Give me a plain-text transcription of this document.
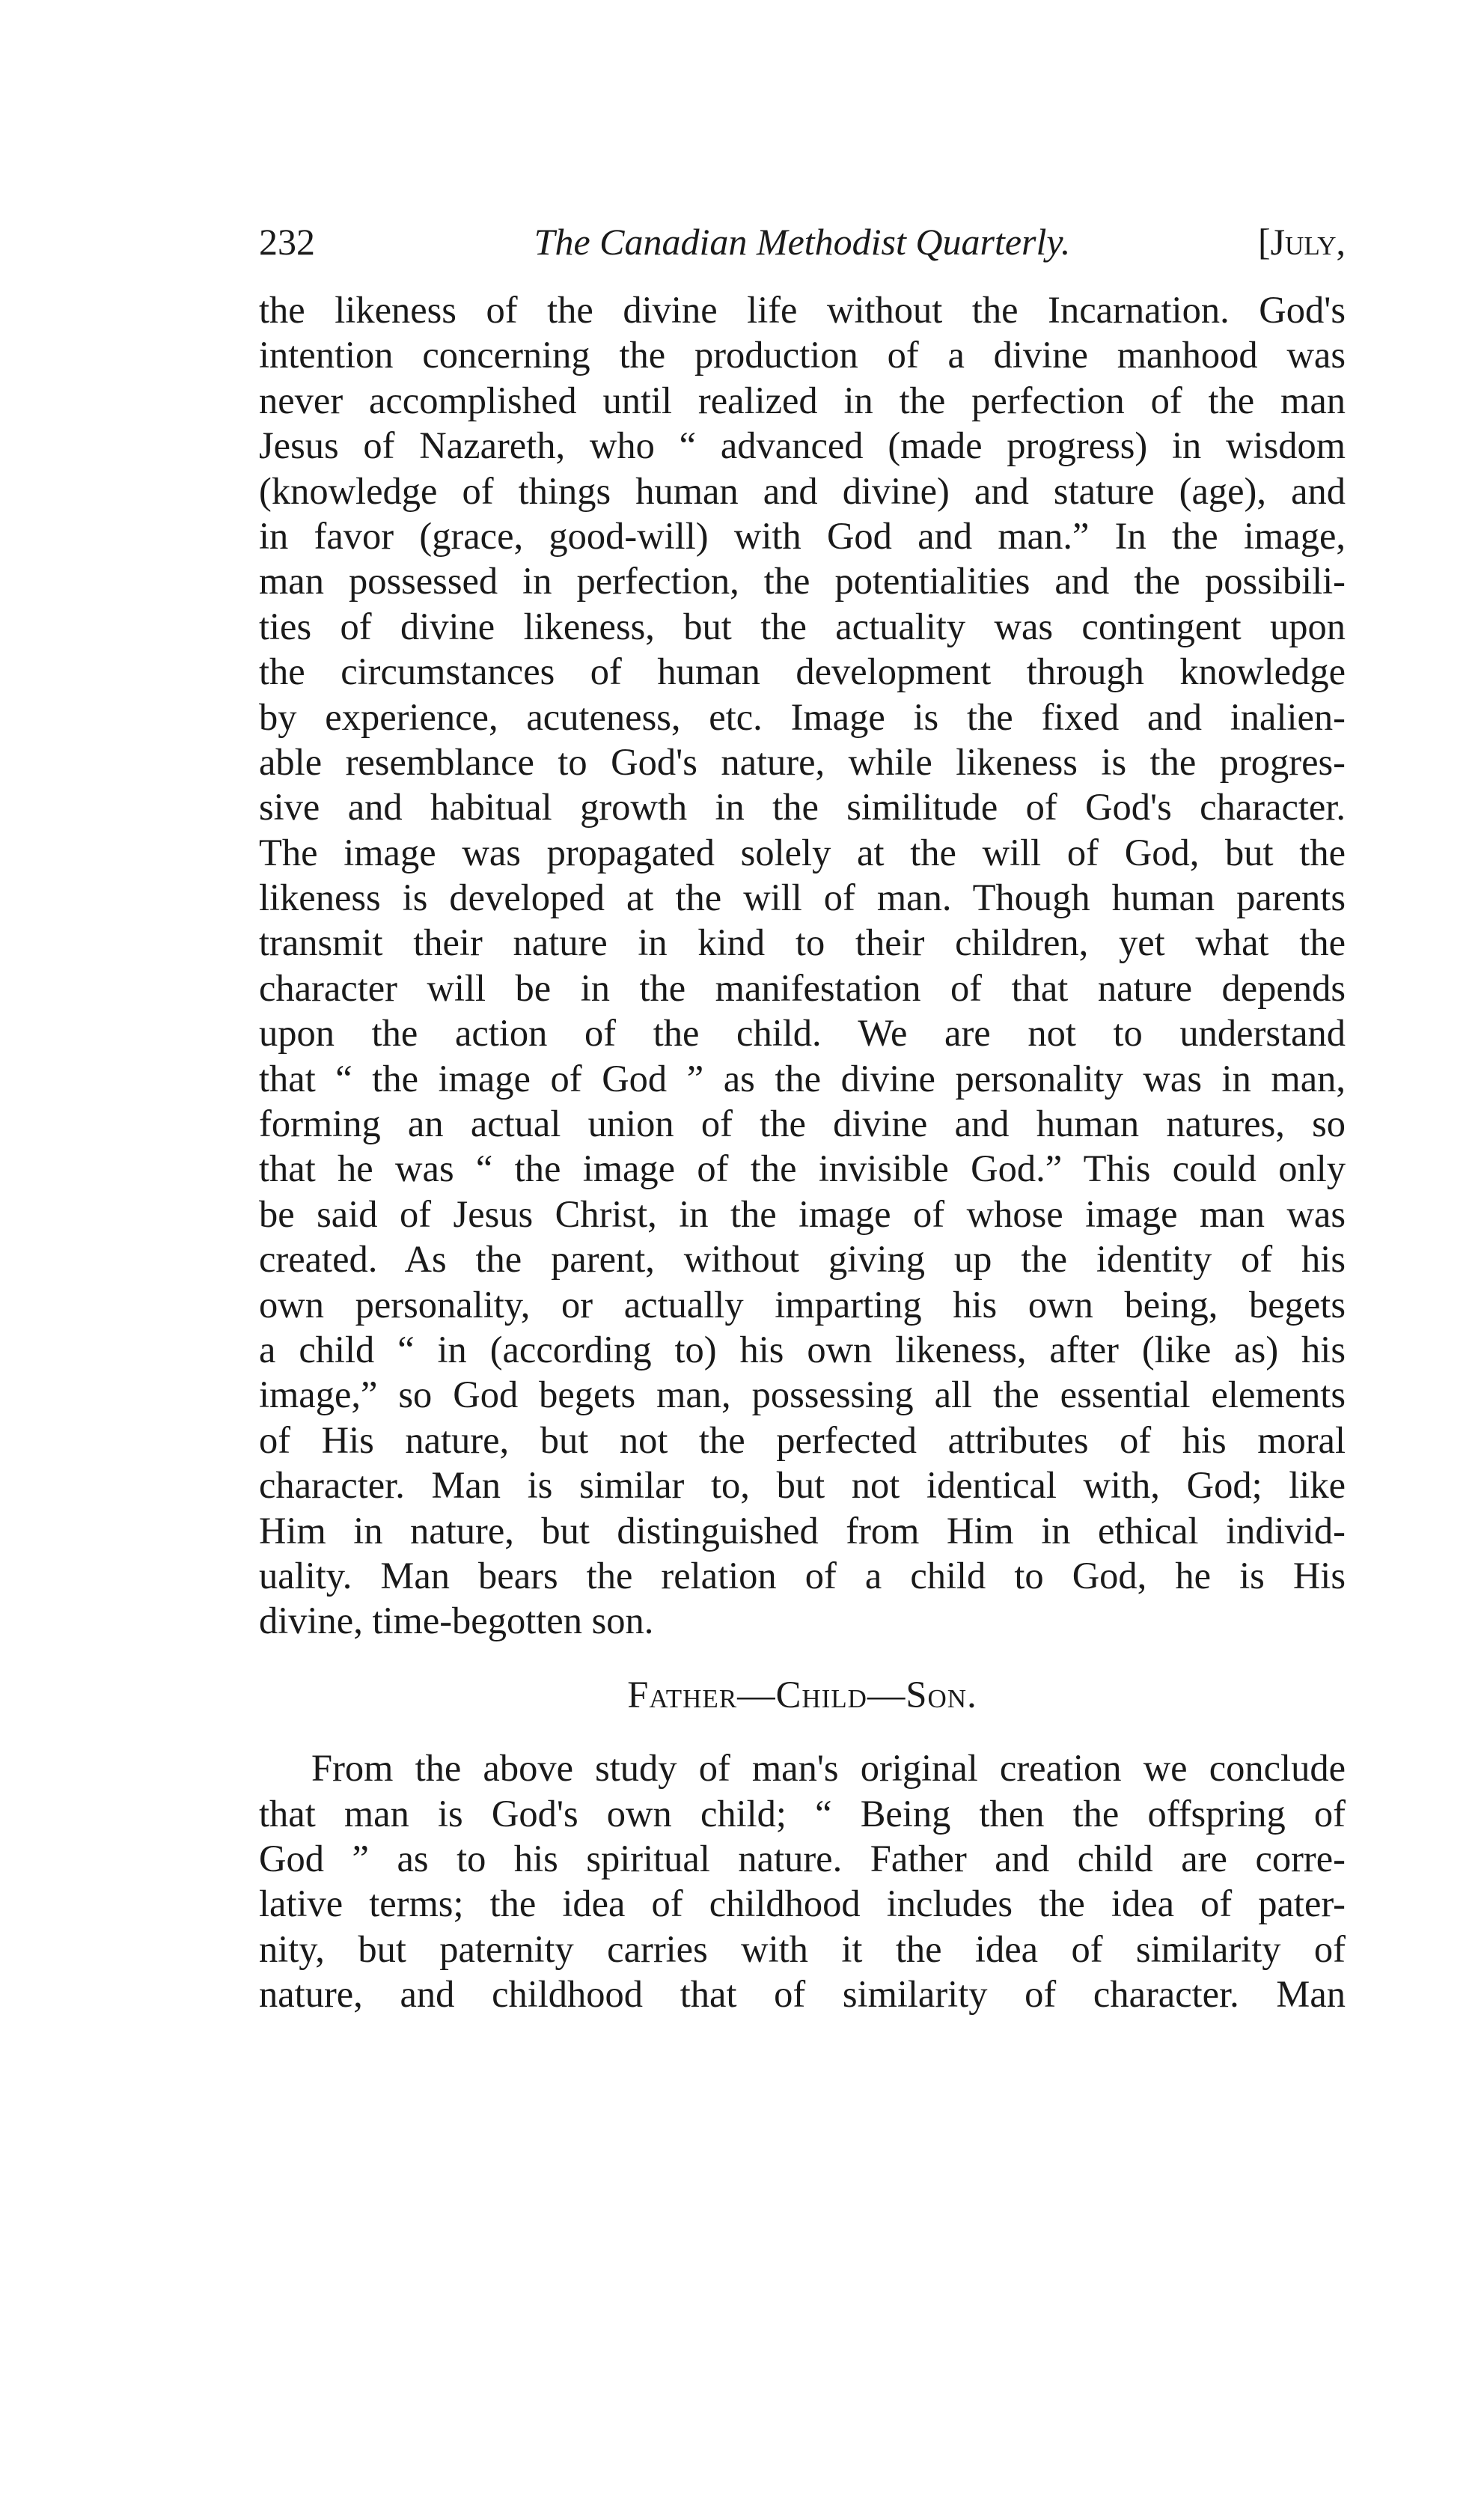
232	The Canadian Methodist Quarterly.	[July,
the likeness of the divine life without the Incarnation. God's
intention concerning the production of a divine manhood was
never accomplished until realized in the perfection of the man
Jesus of Nazareth, who “ advanced (made progress) in wisdom
(knowledge of things human and divine) and stature (age), and
in favor (grace, good-will) with God and man.” In the image,
man possessed in perfection, the potentialities and the possibili-
ties of divine likeness, but the actuality was contingent upon
the circumstances of human development through knowledge
by experience, acuteness, etc. Image is the fixed and inalien-
able resemblance to God's nature, while likeness is the progres-
sive and habitual growth in the similitude of God's character.
The image was propagated solely at the will of God, but the
likeness is developed at the will of man. Though human parents
transmit their nature in kind to their children, yet what the
character will be in the manifestation of that nature depends
upon the action of the child. We are not to understand
that “ the image of God ” as the divine personality was in man,
forming an actual union of the divine and human natures, so
that he was “ the image of the invisible God.” This could only
be said of Jesus Christ, in the image of whose image man was
created. As the parent, without giving up the identity of his
own personality, or actually imparting his own being, begets
a child “ in (according to) his own likeness, after (like as) his
image,” so God begets man, possessing all the essential elements
of His nature, but not the perfected attributes of his moral
character. Man is similar to, but not identical with, God; like
Him in nature, but distinguished from Him in ethical individ-
uality. Man bears the relation of a child to God, he is His
divine, time-begotten son.
Father—Child—Son.
From the above study of man's original creation we conclude
that man is God's own child; “ Being then the offspring of
God ” as to his spiritual nature. Father and child are corre-
lative terms; the idea of childhood includes the idea of pater-
nity, but paternity carries with it the idea of similarity of
nature, and childhood that of similarity of character. Man
